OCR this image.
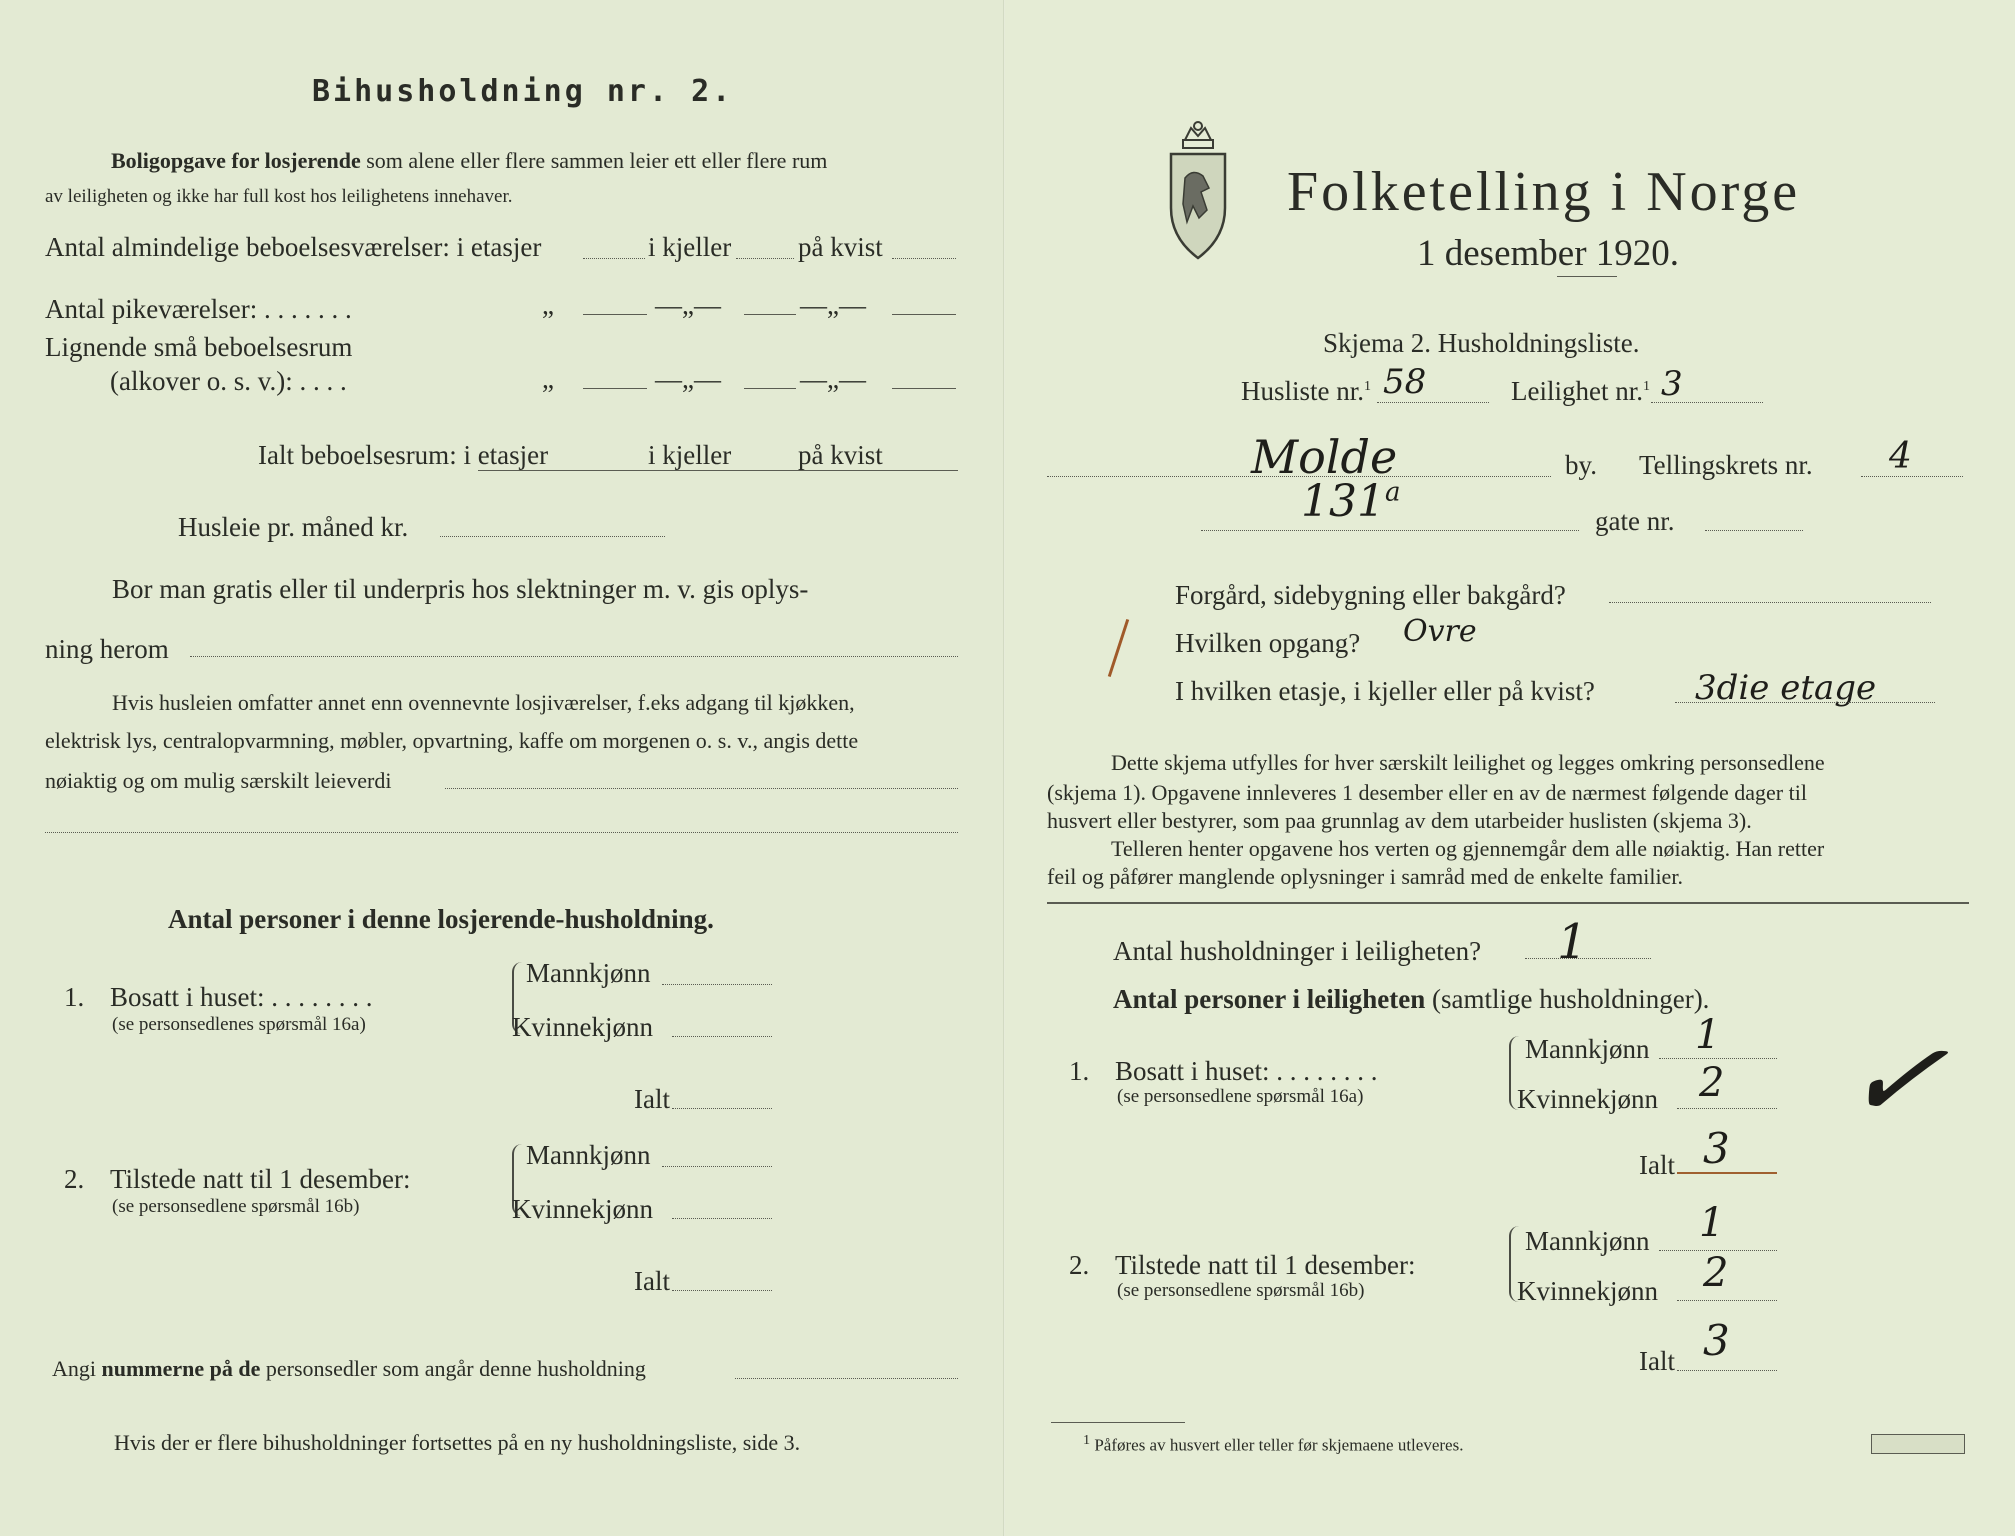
Bihusholdning nr. 2.
Boligopgave for losjerende som alene eller flere sammen leier ett eller flere rum
av leiligheten og ikke har full kost hos leilighetens innehaver.
Antal almindelige beboelsesværelser: i etasjer	i kjeller på kvist
Antal pikeværelser: . . . . . . .	„	—„—	—„—
Lignende små beboelsesrum
(alkover o. s. v.): . . . .	„	—„—	—„—
Ialt beboelsesrum: i etasjer	i kjeller på kvist
Husleie pr. måned kr.
Bor man gratis eller til underpris hos slektninger m. v. gis oplys-
ning herom
Hvis husleien omfatter annet enn ovennevnte losjiværelser, f.eks adgang til kjøkken,
elektrisk lys, centralopvarmning, møbler, opvartning, kaffe om morgenen o. s. v., angis dette
nøiaktig og om mulig særskilt leieverdi
Antal personer i denne losjerende-husholdning.
1. Bosatt i huset: . . . . . . . .
(se personsedlenes spørsmål 16a)
Mannkjønn
Kvinnekjønn
Ialt
2. Tilstede natt til 1 desember:
(se personsedlene spørsmål 16b)
Mannkjønn
Kvinnekjønn
Ialt
Angi nummerne på de personsedler som angår denne husholdning
Hvis der er flere bihusholdninger fortsettes på en ny husholdningsliste, side 3.
Folketelling i Norge
1 desember 1920.
Skjema 2. Husholdningsliste.
Husliste nr.$^1$ 58	Leilighet nr.$^1$ 3
Molde	by. Tellingskrets nr. 4
131$^a$
gate nr.
Forgård, sidebygning eller bakgård?
Hvilken opgang? Ovre
I hvilken etasje, i kjeller eller på kvist?	3die etage
Dette skjema utfylles for hver særskilt leilighet og legges omkring personsedlene
(skjema 1). Opgavene innleveres 1 desember eller en av de nærmest følgende dager til
husvert eller bestyrer, som paa grunnlag av dem utarbeider huslisten (skjema 3).
Telleren henter opgavene hos verten og gjennemgår dem alle nøiaktig. Han retter
feil og påfører manglende oplysninger i samråd med de enkelte familier.
Antal husholdninger i leiligheten? 1
Antal personer i leiligheten (samtlige husholdninger).
1. Bosatt i huset: . . . . . . . .
(se personsedlene spørsmål 16a)
Mannkjønn 1
Kvinnekjønn 2
Ialt 3
2. Tilstede natt til 1 desember:
(se personsedlene spørsmål 16b)
Mannkjønn 1
Kvinnekjønn 2
Ialt 3
✓
$^1$ Påføres av husvert eller teller før skjemaene utleveres.
